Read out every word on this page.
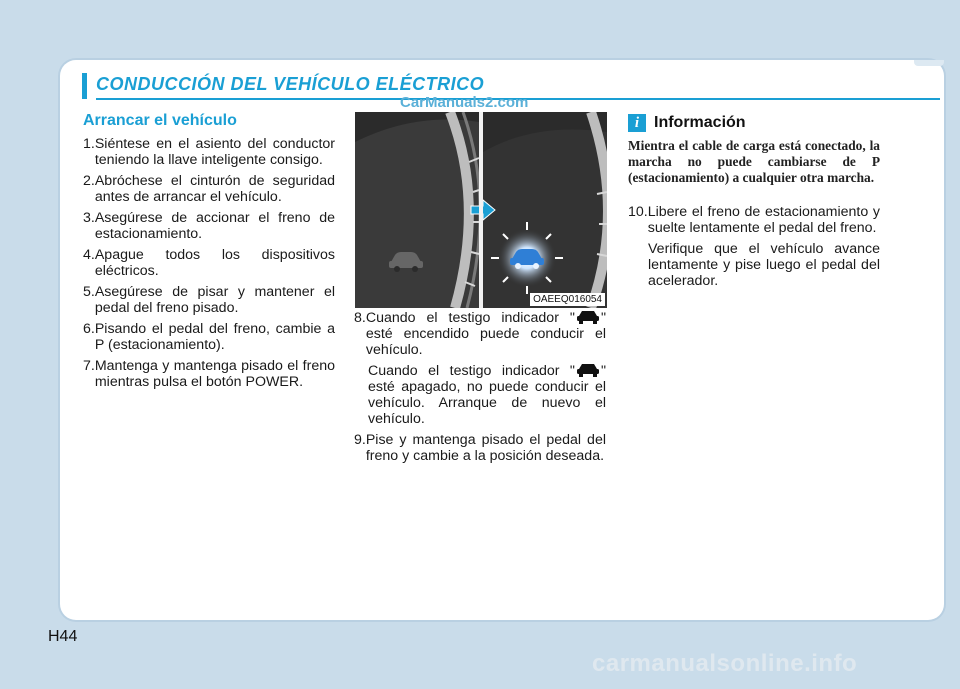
CONDUCCIÓN DEL VEHÍCULO ELÉCTRICO
CarManuals2.com
Arrancar el vehículo
1. Siéntese en el asiento del conductor teniendo la llave inteligente consigo.
2. Abróchese el cinturón de seguridad antes de arrancar el vehículo.
3. Asegúrese de accionar el freno de estacionamiento.
4. Apague todos los dispositivos eléctricos.
5. Asegúrese de pisar y mantener el pedal del freno pisado.
6. Pisando el pedal del freno, cambie a P (estacionamiento).
7. Mantenga y mantenga pisado el freno mientras pulsa el botón POWER.
OAEEQ016054
8. Cuando el testigo indicador " " esté encendido puede conducir el vehículo.
Cuando el testigo indicador " " esté apagado, no puede conducir el vehículo. Arranque de nuevo el vehículo.
9. Pise y mantenga pisado el pedal del freno y cambie a la posición deseada.
i Información
Mientra el cable de carga está conectado, la marcha no puede cambiarse de P (estacionamiento) a cualquier otra marcha.
10. Libere el freno de estacionamiento y suelte lentamente el pedal del freno.
Verifique que el vehículo avance lentamente y pise luego el pedal del acelerador.
H44
carmanualsonline.info
